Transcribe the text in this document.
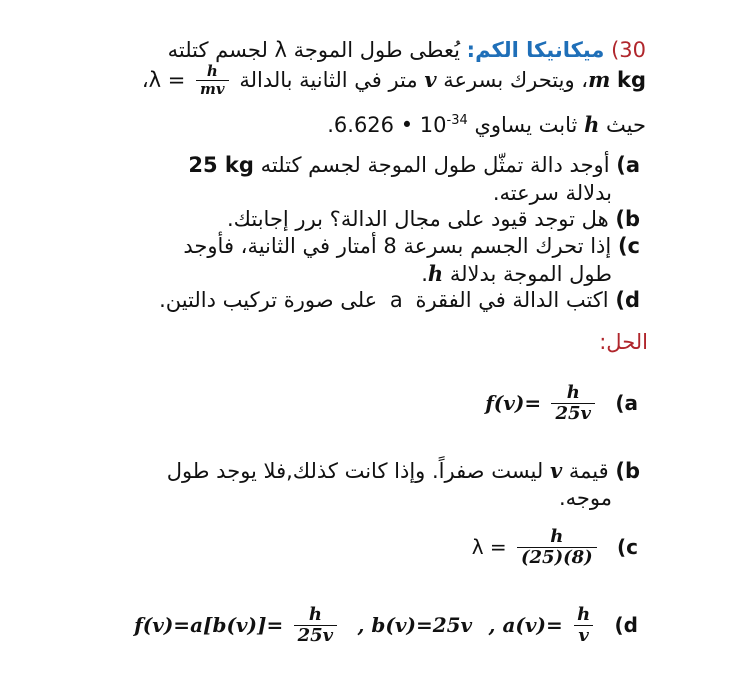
30) ميكانيكا الكم: يُعطى طول الموجة λ لجسم كتلته
m kg، ويتحرك بسرعة v متر في الثانية بالدالة $\lambda = \frac{h}{mv}$
،
حيث h ثابت يساوي 6.626 • $10^{-34}$.
a) أوجد دالة تمثّل طول الموجة لجسم كتلته 25 kg
بدلالة سرعته.
b) هل توجد قيود على مجال الدالة؟ برر إجابتك.
c) إذا تحرك الجسم بسرعة 8 أمتار في الثانية، فأوجد
طول الموجة بدلالة h.
d) اكتب الدالة في الفقرة a على صورة تركيب دالتين.
الحل:
$f(v)= \frac{h}{25v} (a$
b) قيمة v ليست صفراً. وإذا كانت كذلك,فلا يوجد طول
موجه.
$\lambda = \frac{h}{(25)(8)} (c$
$f(v)=a[b(v)]= \frac{h}{25v}$ , b(v)=25v , $a(v)= \frac{h}{v} (d$
